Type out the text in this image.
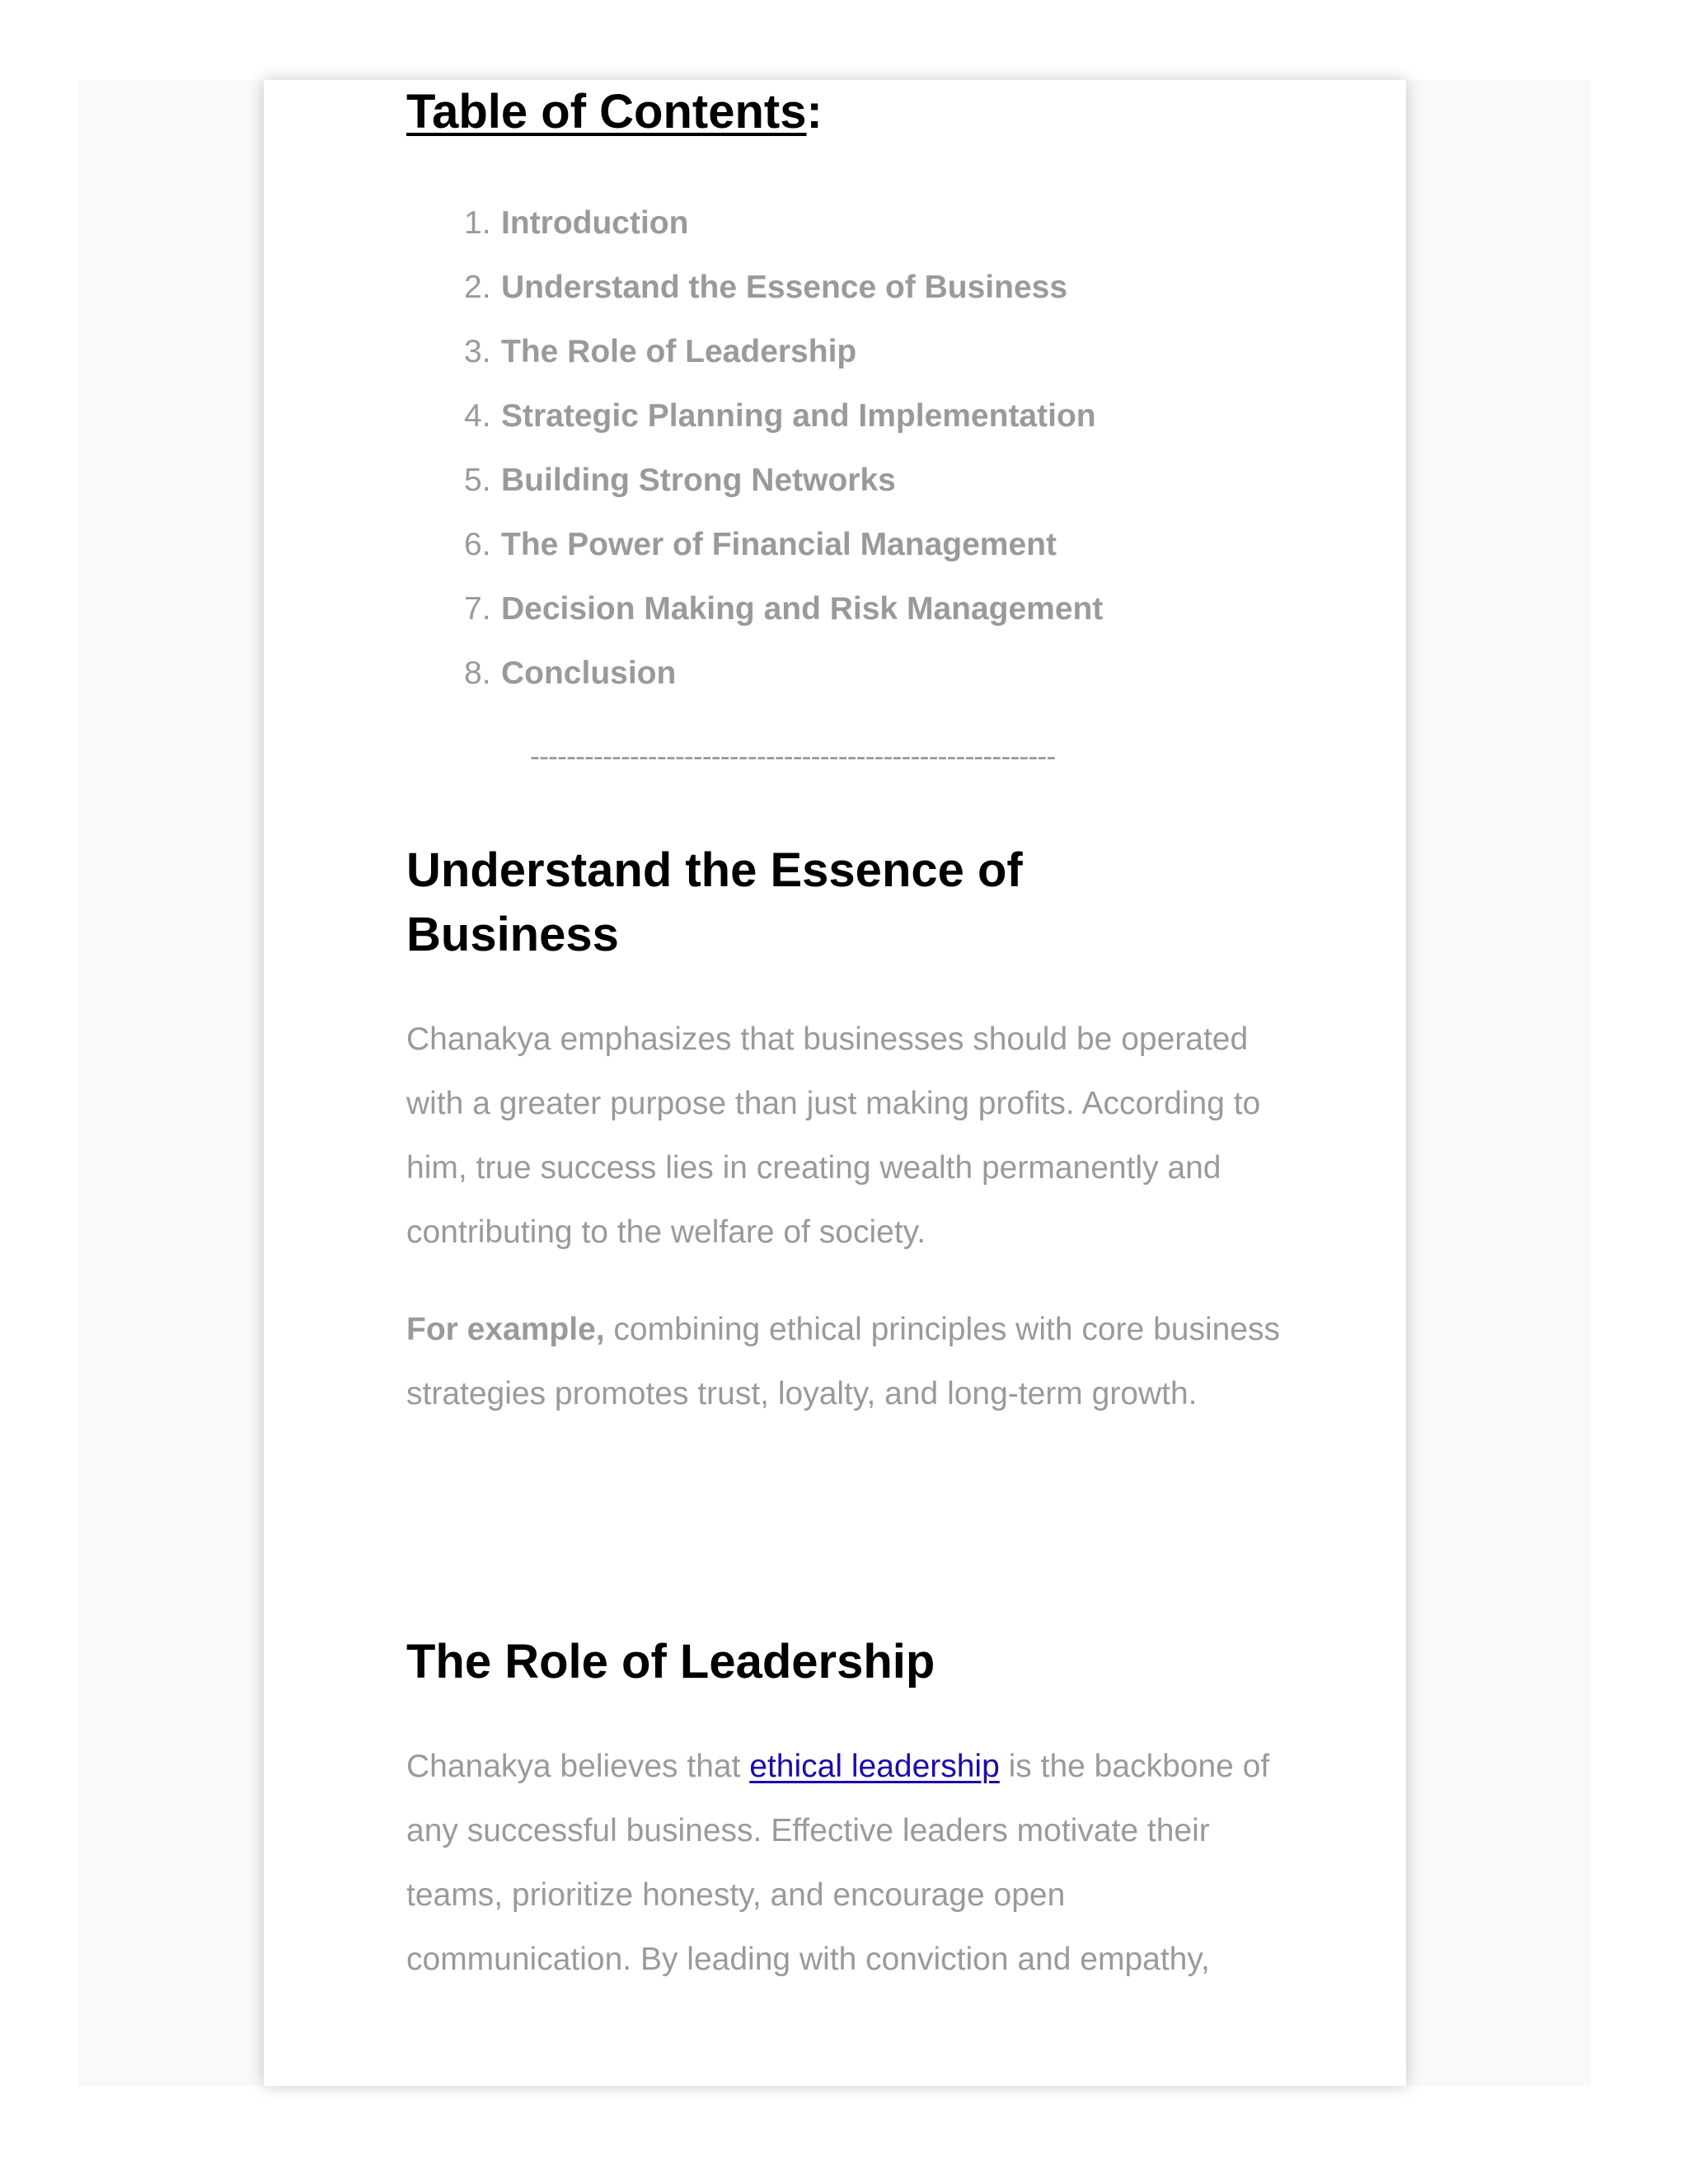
Table of Contents:
1. Introduction
2. Understand the Essence of Business
3. The Role of Leadership
4. Strategic Planning and Implementation
5. Building Strong Networks
6. The Power of Financial Management
7. Decision Making and Risk Management
8. Conclusion
----------------------------------------------------------
Understand the Essence of Business

Chanakya emphasizes that businesses should be operated with a greater purpose than just making profits. According to him, true success lies in creating wealth permanently and contributing to the welfare of society.

For example, combining ethical principles with core business strategies promotes trust, loyalty, and long-term growth.

The Role of Leadership

Chanakya believes that ethical leadership is the backbone of any successful business. Effective leaders motivate their teams, prioritize honesty, and encourage open communication. By leading with conviction and empathy,
